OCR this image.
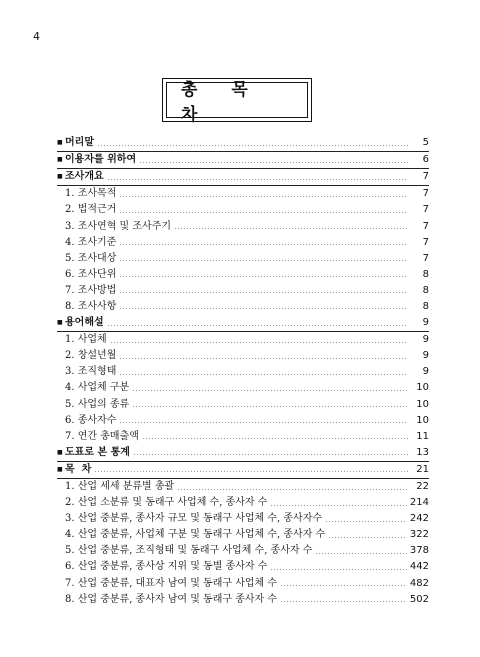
4
총 목 차
■ 머리말	5
■ 이용자를 위하여	6
■ 조사개요	7
1. 조사목적	7
2. 법적근거	7
3. 조사연혁 및 조사주기	7
4. 조사기준	7
5. 조사대상	7
6. 조사단위	8
7. 조사방법	8
8. 조사사항	8
■ 용어해설	9
1. 사업체	9
2. 창설년월	9
3. 조직형태	9
4. 사업체 구분	10
5. 사업의 종류	10
6. 종사자수	10
7. 연간 총매출액	11
■ 도표로 본 통계	13
■ 목  차	21
1. 산업 세세 분류별 총괄	22
2. 산업 소분류 및 동래구 사업체 수, 종사자 수	214
3. 산업 중분류, 종사자 규모 및 동래구 사업체 수, 종사자수	242
4. 산업 중분류, 사업체 구분 및 동래구 사업체 수, 종사자 수	322
5. 산업 중분류, 조직형태 및 동래구 사업체 수, 종사자 수	378
6. 산업 중분류, 종사상 지위 및 동별 종사자 수	442
7. 산업 중분류, 대표자 남여 및 동래구 사업체 수	482
8. 산업 중분류, 종사자 남여 및 동래구 종사자 수	502
